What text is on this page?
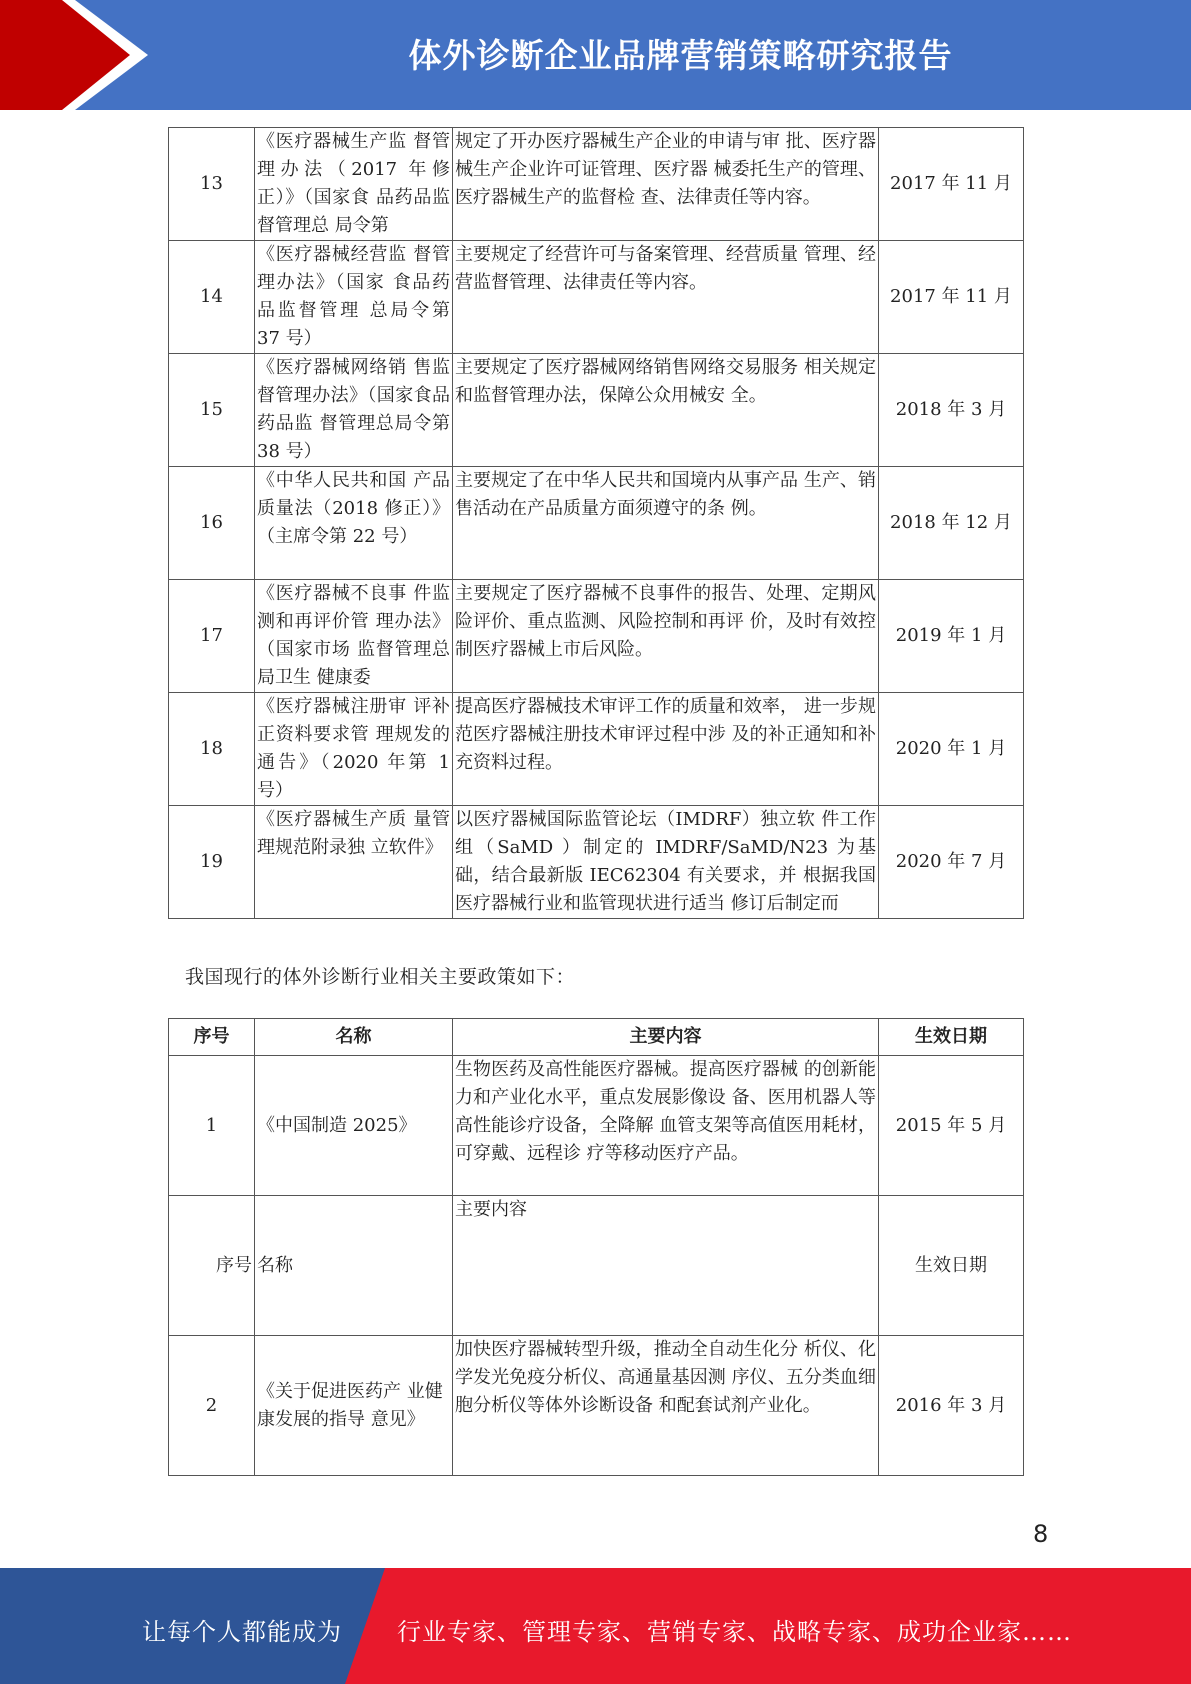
体外诊断企业品牌营销策略研究报告
13	《医疗器械生产监 督管理办法（2017 年修正）》（国家食 品药品监督管理总 局令第	规定了开办医疗器械生产企业的申请与审 批、医疗器械生产企业许可证管理、医疗器 械委托生产的管理、医疗器械生产的监督检 查、法律责任等内容。	2017 年 11 月
14	《医疗器械经营监 督管理办法》（国家 食品药品监督管理 总局令第 37 号）	主要规定了经营许可与备案管理、经营质量 管理、经营监督管理、法律责任等内容。	2017 年 11 月
15	《医疗器械网络销 售监督管理办法》（国家食品药品监 督管理总局令第 38 号）	主要规定了医疗器械网络销售网络交易服务 相关规定和监督管理办法，保障公众用械安 全。	2018 年 3 月
16	《中华人民共和国 产品质量法（2018 修正）》（主席令第 22 号）	主要规定了在中华人民共和国境内从事产品 生产、销售活动在产品质量方面须遵守的条 例。	2018 年 12 月
17	《医疗器械不良事 件监测和再评价管 理办法》（国家市场 监督管理总局卫生 健康委	主要规定了医疗器械不良事件的报告、处理、定期风险评价、重点监测、风险控制和再评 价，及时有效控制医疗器械上市后风险。	2019 年 1 月
18	《医疗器械注册审 评补正资料要求管 理规发的通告》（2020 年第 1 号）	提高医疗器械技术审评工作的质量和效率， 进一步规范医疗器械注册技术审评过程中涉 及的补正通知和补充资料过程。	2020 年 1 月
19	《医疗器械生产质 量管理规范附录独 立软件》	以医疗器械国际监管论坛（IMDRF）独立软 件工作组（SaMD ）制定的 IMDRF/SaMD/N23 为基础，结合最新版 IEC62304 有关要求，并 根据我国医疗器械行业和监管现状进行适当 修订后制定而	2020 年 7 月
我国现行的体外诊断行业相关主要政策如下：
序号	名称	主要内容	生效日期
1	《中国制造 2025》	生物医药及高性能医疗器械。提高医疗器械 的创新能力和产业化水平，重点发展影像设 备、医用机器人等高性能诊疗设备，全降解 血管支架等高值医用耗材，可穿戴、远程诊 疗等移动医疗产品。	2015 年 5 月
序号	名称	主要内容	生效日期
2	《关于促进医药产 业健康发展的指导 意见》	加快医疗器械转型升级，推动全自动生化分 析仪、化学发光免疫分析仪、高通量基因测 序仪、五分类血细胞分析仪等体外诊断设备 和配套试剂产业化。	2016 年 3 月
8
让每个人都能成为 行业专家、管理专家、营销专家、战略专家、成功企业家……
